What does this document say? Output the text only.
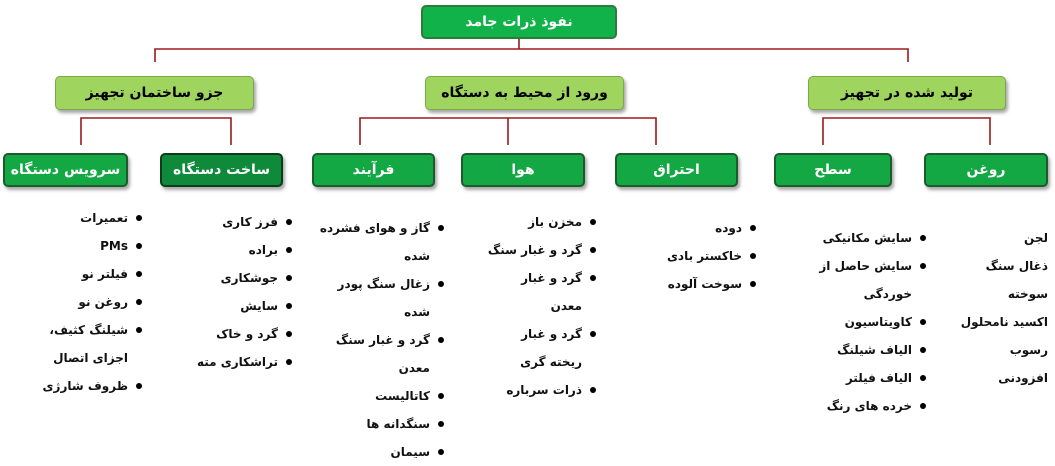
نفوذ ذرات جامد
تولید شده در تجهیز
ورود از محیط به دستگاه
جزو ساختمان تجهیز
روغن
سطح
احتراق
هوا
فرآیند
ساخت دستگاه
سرویس دستگاه
لجن
ذغال سنگ سوخته
اکسید نامحلول
رسوب
افزودنی
سایش مکانیکی
سایش حاصل از خوردگی
کاویتاسیون
الیاف شیلنگ
الیاف فیلتر
خرده های رنگ
دوده
خاکستر بادی
سوخت آلوده
مخزن باز
گرد و غبار سنگ
گرد و غبار معدن
گرد و غبار ریخته گری
ذرات سرباره
گاز و هوای فشرده شده
زغال سنگ پودر شده
گرد و غبار سنگ معدن
کاتالیست
سنگدانه ها
سیمان
فرز کاری
براده
جوشکاری
سایش
گرد و خاک
تراشکاری مته
تعمیرات
PMs
فیلتر نو
روغن نو
شیلنگ کثیف، اجزای اتصال
ظروف شارژی
